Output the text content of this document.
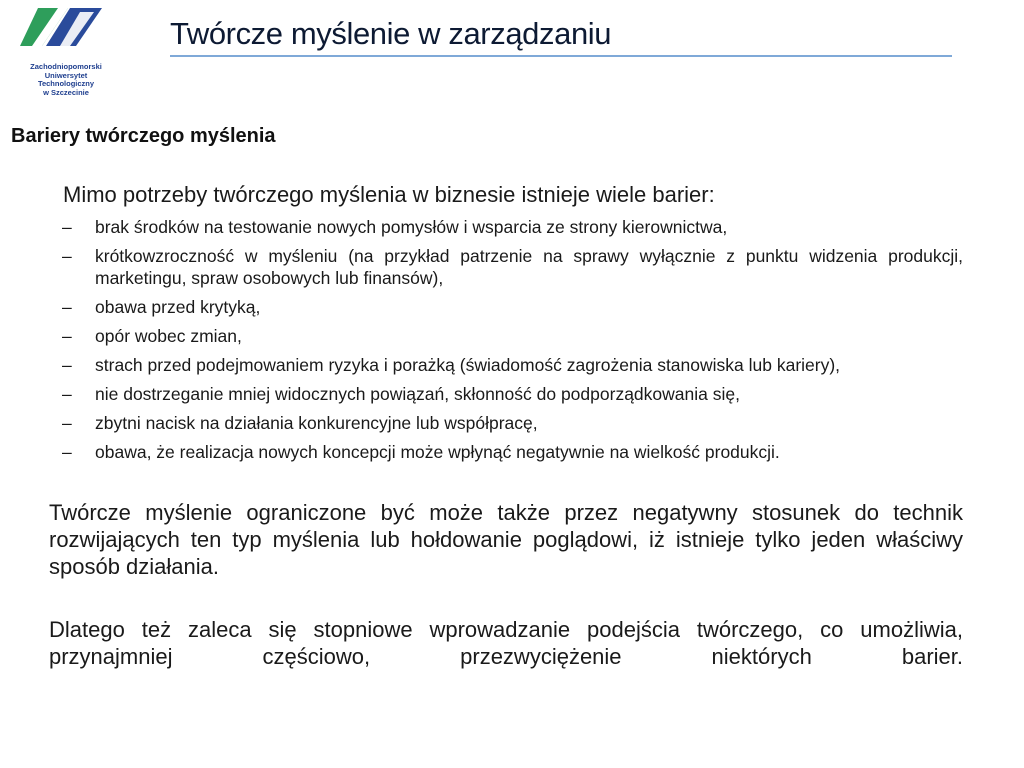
Zachodniopomorski
Uniwersytet
Technologiczny
w Szczecinie
Twórcze myślenie w zarządzaniu
Bariery twórczego myślenia
Mimo potrzeby twórczego myślenia w biznesie istnieje wiele barier:
– brak środków na testowanie nowych pomysłów i wsparcia ze strony kierownictwa,
– krótkowzroczność w myśleniu (na przykład patrzenie na sprawy wyłącznie z punktu widzenia produkcji, marketingu, spraw osobowych lub finansów),
– obawa przed krytyką,
– opór wobec zmian,
– strach przed podejmowaniem ryzyka i porażką (świadomość zagrożenia stanowiska lub kariery),
– nie dostrzeganie mniej widocznych powiązań, skłonność do podporządkowania się,
– zbytni nacisk na działania konkurencyjne lub współpracę,
– obawa, że realizacja nowych koncepcji może wpłynąć negatywnie na wielkość produkcji.

Twórcze myślenie ograniczone być może także przez negatywny stosunek do technik rozwijających ten typ myślenia lub hołdowanie poglądowi, iż istnieje tylko jeden właściwy sposób działania.

Dlatego też zaleca się stopniowe wprowadzanie podejścia twórczego, co umożliwia, przynajmniej częściowo, przezwyciężenie niektórych barier.
